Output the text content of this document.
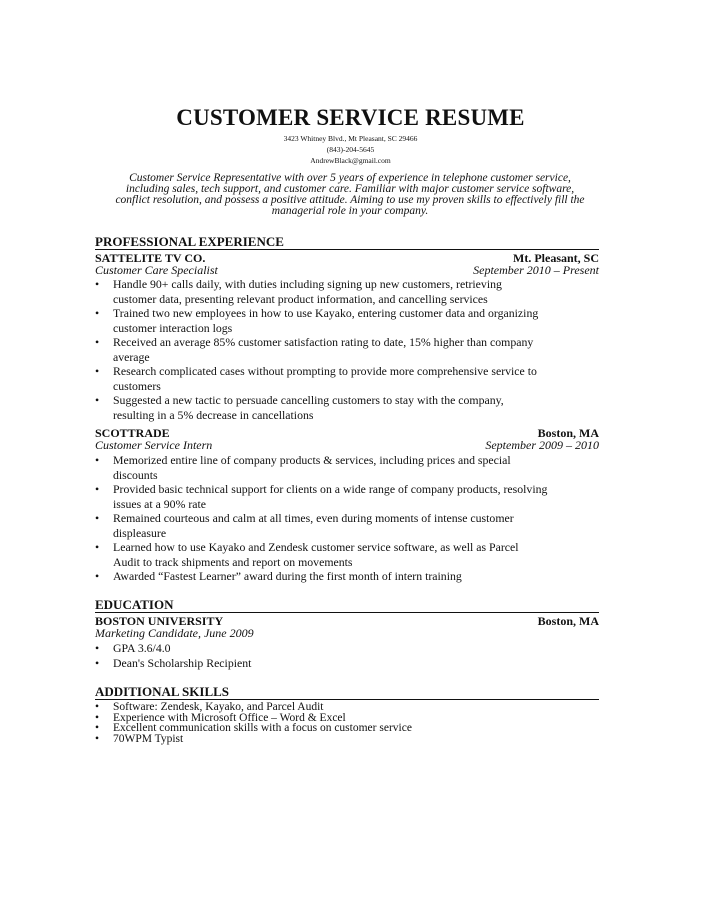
CUSTOMER SERVICE RESUME
3423 Whitney Blvd., Mt Pleasant, SC 29466
(843)-204-5645
AndrewBlack@gmail.com
Customer Service Representative with over 5 years of experience in telephone customer service,
including sales, tech support, and customer care. Familiar with major customer service software,
conflict resolution, and possess a positive attitude. Aiming to use my proven skills to effectively fill the
managerial role in your company.
PROFESSIONAL EXPERIENCE
SATTELITE TV CO.	Mt. Pleasant, SC
Customer Care Specialist	September 2010 – Present
• Handle 90+ calls daily, with duties including signing up new customers, retrieving
customer data, presenting relevant product information, and cancelling services
• Trained two new employees in how to use Kayako, entering customer data and organizing
customer interaction logs
• Received an average 85% customer satisfaction rating to date, 15% higher than company
average
• Research complicated cases without prompting to provide more comprehensive service to
customers
• Suggested a new tactic to persuade cancelling customers to stay with the company,
resulting in a 5% decrease in cancellations
SCOTTRADE	Boston, MA
Customer Service Intern	September 2009 – 2010
• Memorized entire line of company products & services, including prices and special
discounts
• Provided basic technical support for clients on a wide range of company products, resolving
issues at a 90% rate
• Remained courteous and calm at all times, even during moments of intense customer
displeasure
• Learned how to use Kayako and Zendesk customer service software, as well as Parcel
Audit to track shipments and report on movements
• Awarded “Fastest Learner” award during the first month of intern training
EDUCATION
BOSTON UNIVERSITY	Boston, MA
Marketing Candidate, June 2009
• GPA 3.6/4.0
• Dean's Scholarship Recipient
ADDITIONAL SKILLS
• Software: Zendesk, Kayako, and Parcel Audit
• Experience with Microsoft Office – Word & Excel
• Excellent communication skills with a focus on customer service
• 70WPM Typist
